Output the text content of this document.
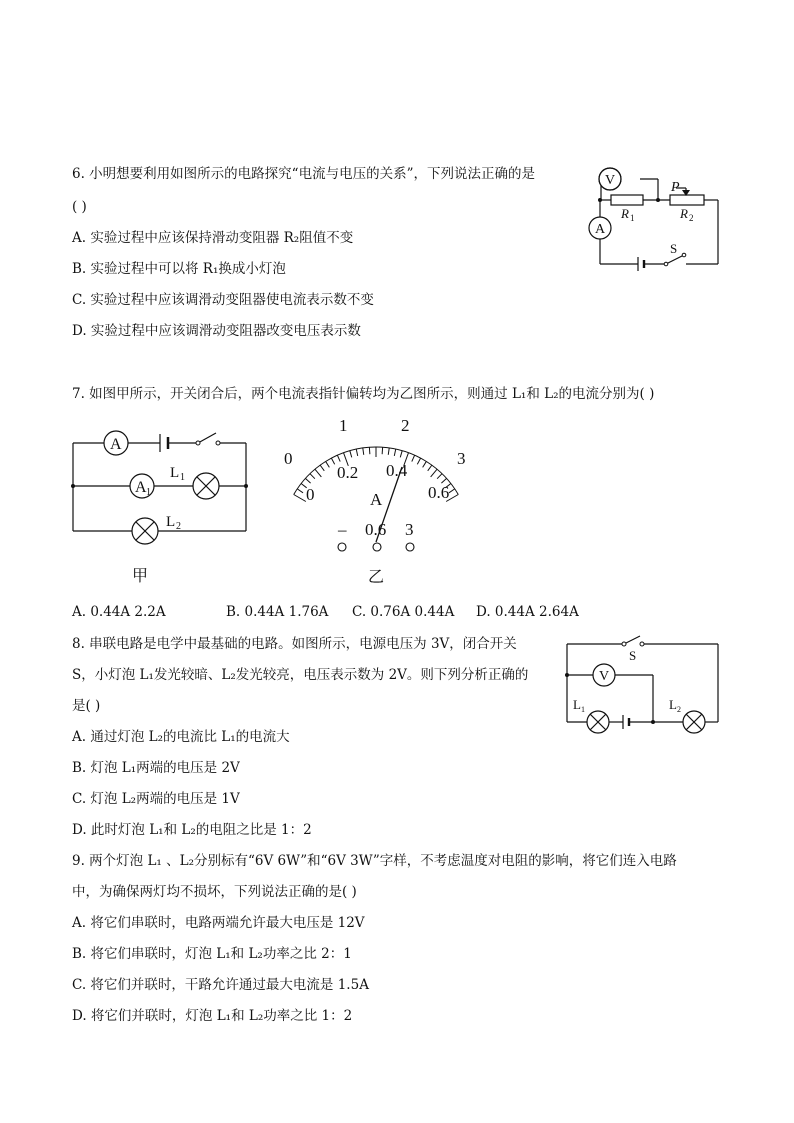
6. 小明想要利用如图所示的电路探究“电流与电压的关系”，下列说法正确的是
( )
A. 实验过程中应该保持滑动变阻器 R₂阻值不变
B. 实验过程中可以将 R₁换成小灯泡
C. 实验过程中应该调滑动变阻器使电流表示数不变
D. 实验过程中应该调滑动变阻器改变电压表示数
V
A
P
R 1	R 2
S
7. 如图甲所示，开关闭合后，两个电流表指针偏转均为乙图所示，则通过 L₁和 L₂的电流分别为( )
A
A 1
L 1
L 2
甲
0
1	2
3
0
0.2 0.4
0.6
A
– 0.6 3
乙
A. 0.44A 2.2A	B. 0.44A 1.76A C. 0.76A 0.44A D. 0.44A 2.64A
8. 串联电路是电学中最基础的电路。如图所示，电源电压为 3V，闭合开关
S，小灯泡 L₁发光较暗、L₂发光较亮，电压表示数为 2V。则下列分析正确的
是( )
A. 通过灯泡 L₂的电流比 L₁的电流大
B. 灯泡 L₁两端的电压是 2V
C. 灯泡 L₂两端的电压是 1V
D. 此时灯泡 L₁和 L₂的电阻之比是 1：2
S
V
L 1	L 2
9. 两个灯泡 L₁ 、L₂分别标有“6V 6W”和“6V 3W”字样，不考虑温度对电阻的影响，将它们连入电路
中，为确保两灯均不损坏，下列说法正确的是( )
A. 将它们串联时，电路两端允许最大电压是 12V
B. 将它们串联时，灯泡 L₁和 L₂功率之比 2：1
C. 将它们并联时，干路允许通过最大电流是 1.5A
D. 将它们并联时，灯泡 L₁和 L₂功率之比 1：2
